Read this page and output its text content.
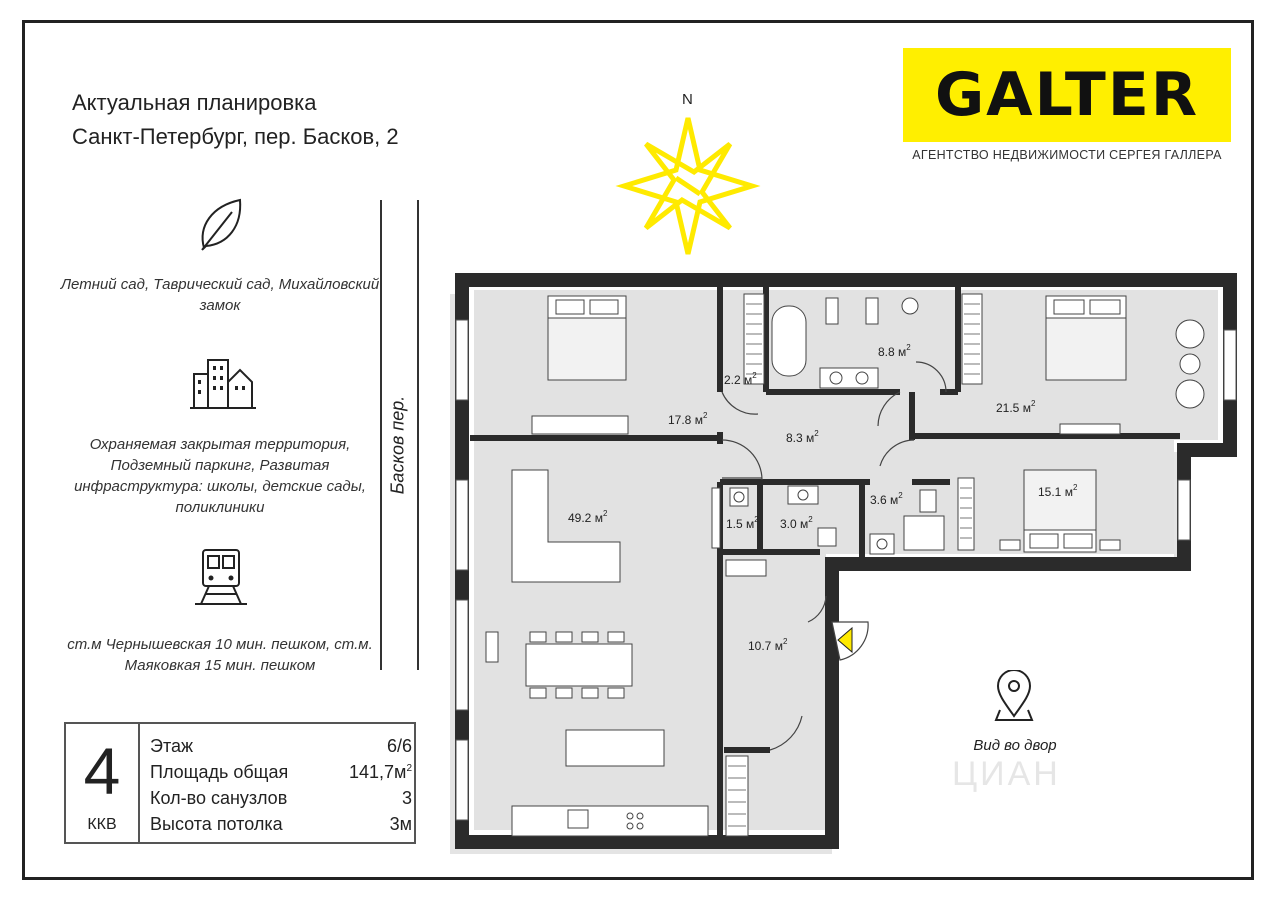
Актуальная планировка
Санкт-Петербург, пер. Басков, 2
GALTER
АГЕНТСТВО НЕДВИЖИМОСТИ СЕРГЕЯ ГАЛЛЕРА
N
Летний сад, Таврический сад, Михайловский замок
Охраняемая закрытая территория, Подземный паркинг, Развитая инфраструктура: школы, детские сады, поликлиники
ст.м Чернышевская 10 мин. пешком, ст.м. Маяковкая 15 мин. пешком
Басков пер.
4
ККВ
Этаж	6/6
Площадь общая	$141,7м^2$
Кол-во санузлов	3
Высота потолка	3м
17.8 $м^2$
2.2 $м^2$
8.8 $м^2$
21.5 $м^2$
8.3 $м^2$
49.2 $м^2$
1.5 $м^2$ 3.0 $м^2$
3.6 $м^2$	15.1 $м^2$
10.7 $м^2$
Вид во двор
ЦИАН
